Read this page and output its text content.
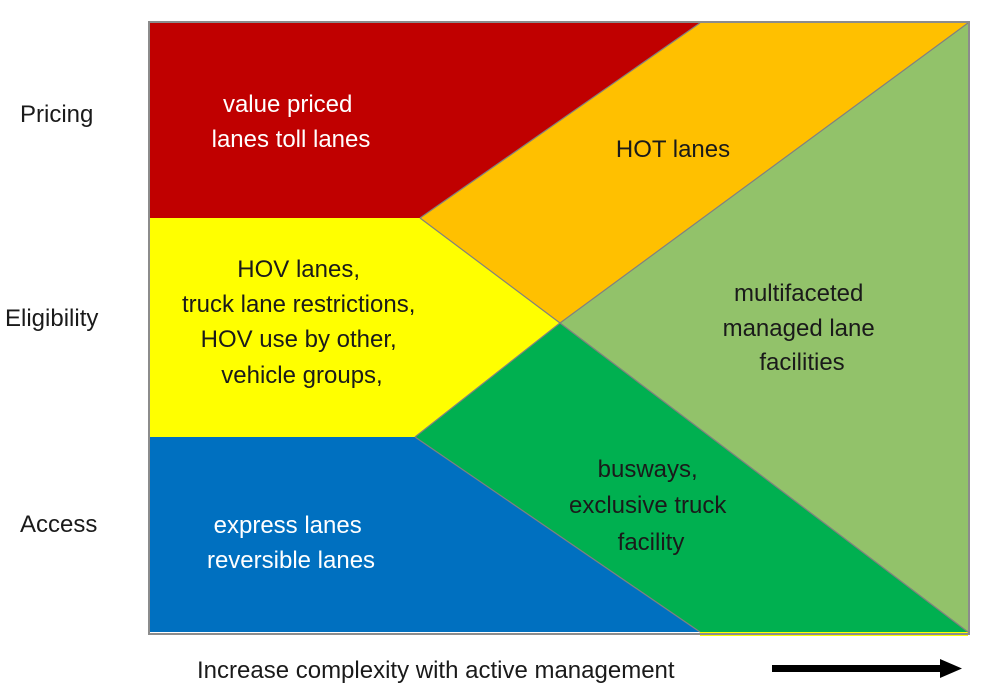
Pricing
Eligibility
Access
value priced lanes toll lanes	HOT lanes
HOV lanes, truck lane restrictions, HOV use by other, vehicle groups,
multifaceted managed lane facilities
busways, exclusive truck facility
express lanes reversible lanes
Increase complexity with active management
